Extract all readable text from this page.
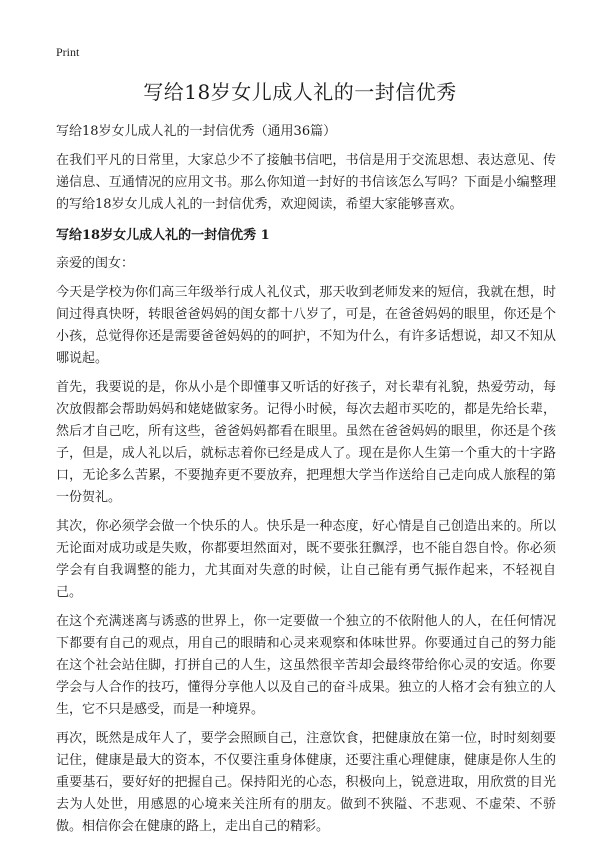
Print
写给18岁女儿成人礼的一封信优秀

写给18岁女儿成人礼的一封信优秀（通用36篇）

在我们平凡的日常里，大家总少不了接触书信吧，书信是用于交流思想、表达意见、传递信息、互通情况的应用文书。那么你知道一封好的书信该怎么写吗？下面是小编整理的写给18岁女儿成人礼的一封信优秀，欢迎阅读，希望大家能够喜欢。

写给18岁女儿成人礼的一封信优秀 1

亲爱的闺女：

今天是学校为你们高三年级举行成人礼仪式，那天收到老师发来的短信，我就在想，时间过得真快呀，转眼爸爸妈妈的闺女都十八岁了，可是，在爸爸妈妈的眼里，你还是个小孩，总觉得你还是需要爸爸妈妈的的呵护，不知为什么，有许多话想说，却又不知从哪说起。

首先，我要说的是，你从小是个即懂事又听话的好孩子，对长辈有礼貌，热爱劳动，每次放假都会帮助妈妈和姥姥做家务。记得小时候，每次去超市买吃的，都是先给长辈，然后才自己吃，所有这些，爸爸妈妈都看在眼里。虽然在爸爸妈妈的眼里，你还是个孩子，但是，成人礼以后，就标志着你已经是成人了。现在是你人生第一个重大的十字路口，无论多么苦累，不要抛弃更不要放弃，把理想大学当作送给自己走向成人旅程的第一份贺礼。

其次，你必须学会做一个快乐的人。快乐是一种态度，好心情是自己创造出来的。所以无论面对成功或是失败，你都要坦然面对，既不要张狂飘浮，也不能自怨自怜。你必须学会有自我调整的能力，尤其面对失意的时候，让自己能有勇气振作起来，不轻视自己。

在这个充满迷离与诱惑的世界上，你一定要做一个独立的不依附他人的人，在任何情况下都要有自己的观点，用自己的眼睛和心灵来观察和体味世界。你要通过自己的努力能在这个社会站住脚，打拼自己的人生，这虽然很辛苦却会最终带给你心灵的安适。你要学会与人合作的技巧，懂得分享他人以及自己的奋斗成果。独立的人格才会有独立的人生，它不只是感受，而是一种境界。

再次，既然是成年人了，要学会照顾自己，注意饮食，把健康放在第一位，时时刻刻要记住，健康是最大的资本，不仅要注重身体健康，还要注重心理健康，健康是你人生的重要基石，要好好的把握自己。保持阳光的心态，积极向上，锐意进取，用欣赏的目光去为人处世，用感恩的心境来关注所有的朋友。做到不狭隘、不悲观、不虚荣、不骄傲。相信你会在健康的路上，走出自己的精彩。
